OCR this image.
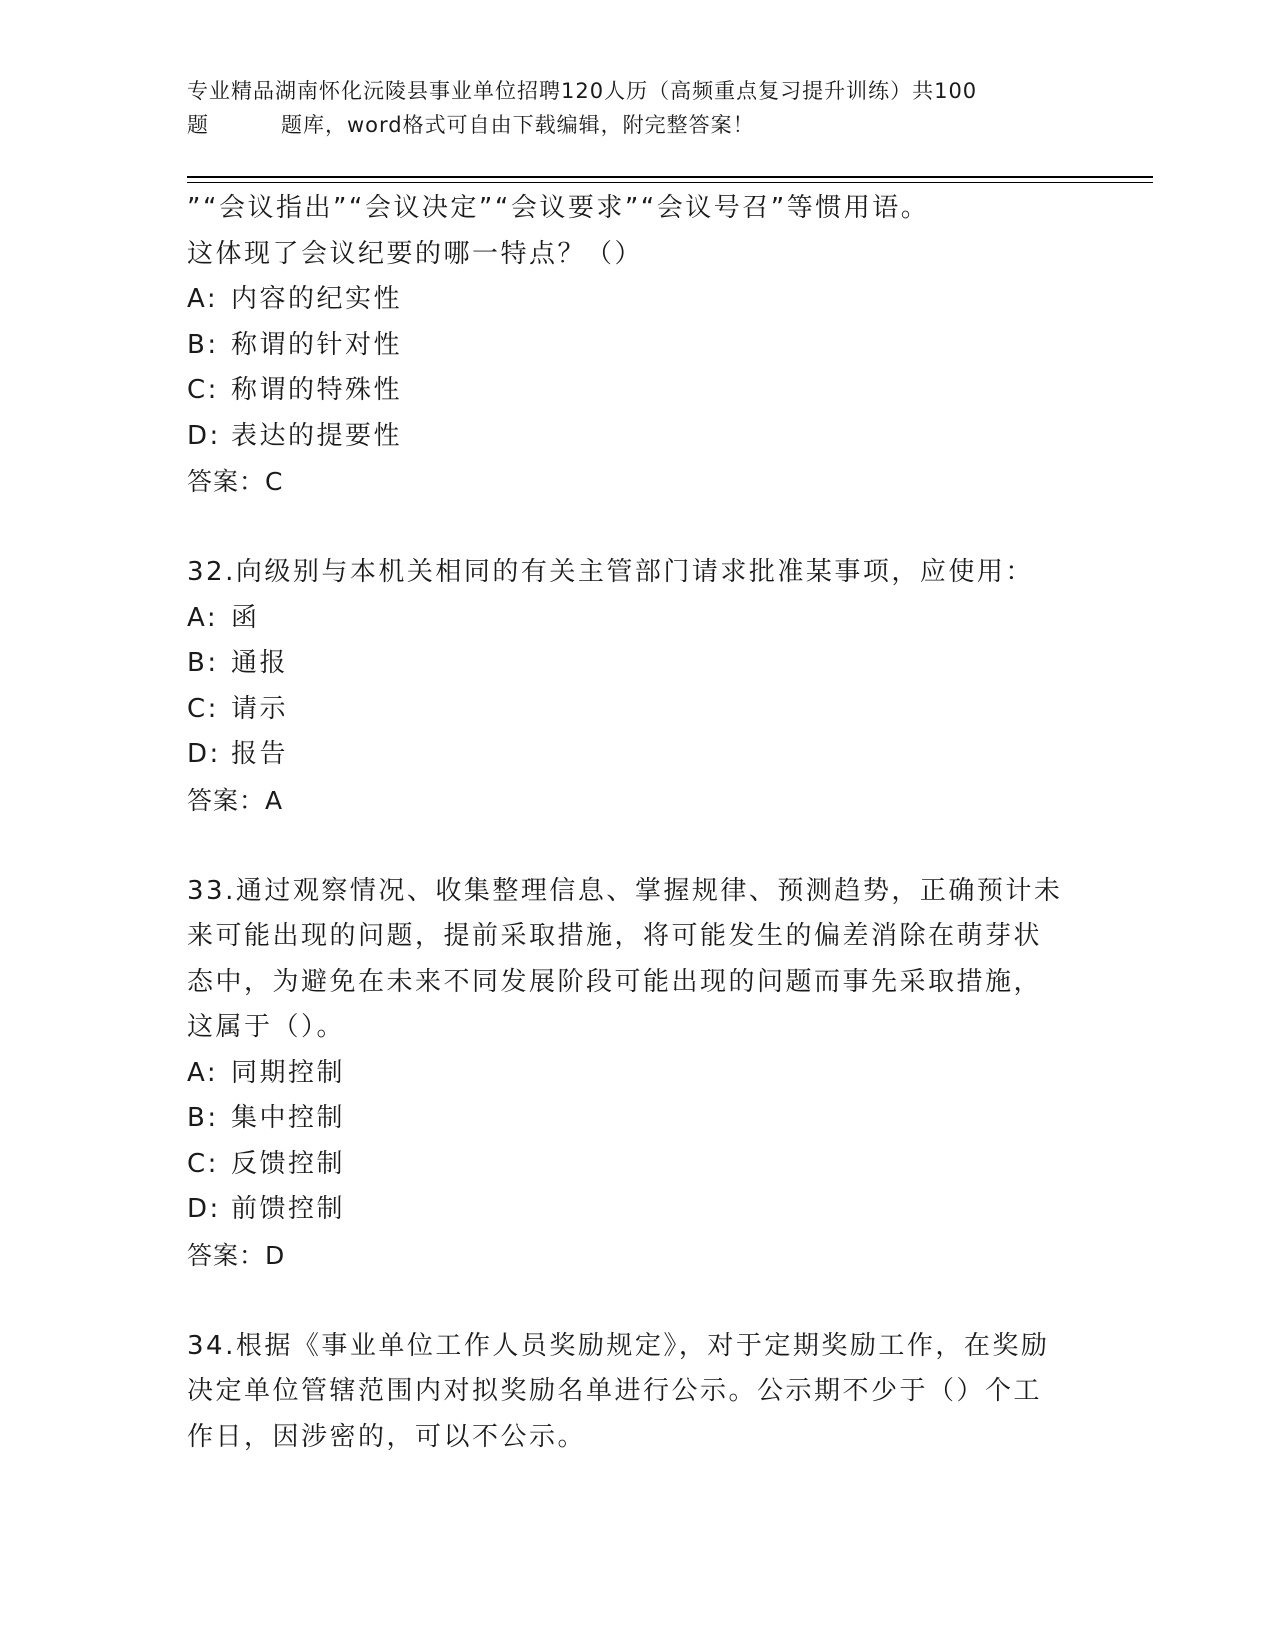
专业精品湖南怀化沅陵县事业单位招聘120人历（高频重点复习提升训练）共100
题	题库，word格式可自由下载编辑，附完整答案！
”“会议指出”“会议决定”“会议要求”“会议号召”等惯用语。
这体现了会议纪要的哪一特点？（）
A: 内容的纪实性
B: 称谓的针对性
C: 称谓的特殊性
D: 表达的提要性
答案：C
32.向级别与本机关相同的有关主管部门请求批准某事项，应使用：
A: 函
B: 通报
C: 请示
D: 报告
答案：A
33.通过观察情况、收集整理信息、掌握规律、预测趋势，正确预计未
来可能出现的问题，提前采取措施，将可能发生的偏差消除在萌芽状
态中，为避免在未来不同发展阶段可能出现的问题而事先采取措施，
这属于（）。
A: 同期控制
B: 集中控制
C: 反馈控制
D: 前馈控制
答案：D
34.根据《事业单位工作人员奖励规定》，对于定期奖励工作，在奖励
决定单位管辖范围内对拟奖励名单进行公示。公示期不少于（）个工
作日，因涉密的，可以不公示。
